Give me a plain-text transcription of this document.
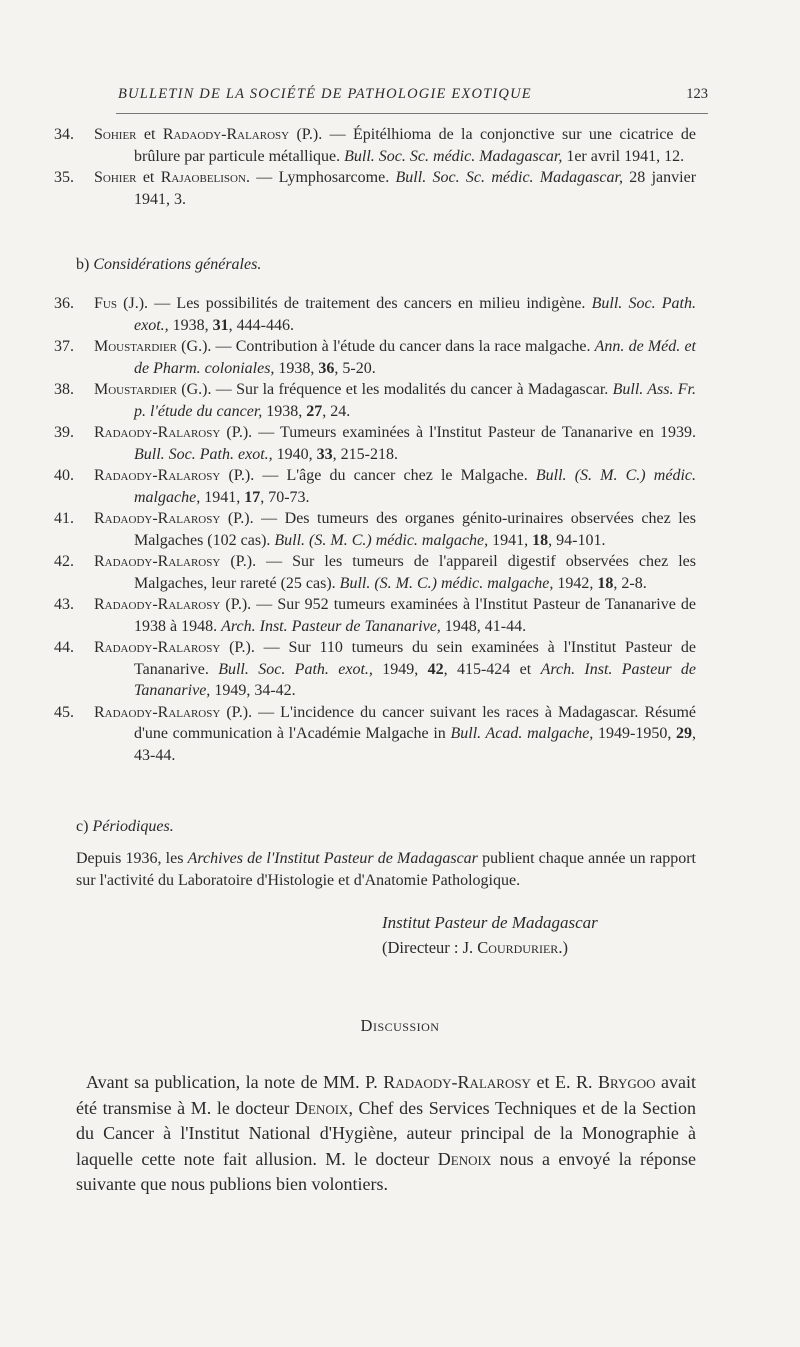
BULLETIN DE LA SOCIÉTÉ DE PATHOLOGIE EXOTIQUE	123
34.	Sohier et Radaody-Ralarosy (P.). — Épitélhioma de la conjonctive sur une cicatrice de brûlure par particule métallique. Bull. Soc. Sc. médic. Madagascar, 1er avril 1941, 12.
35.	Sohier et Rajaobelison. — Lymphosarcome. Bull. Soc. Sc. médic. Madagascar, 28 janvier 1941, 3.
b) Considérations générales.
36.	Fus (J.). — Les possibilités de traitement des cancers en milieu indigène. Bull. Soc. Path. exot., 1938, 31, 444-446.
37.	Moustardier (G.). — Contribution à l'étude du cancer dans la race malgache. Ann. de Méd. et de Pharm. coloniales, 1938, 36, 5-20.
38.	Moustardier (G.). — Sur la fréquence et les modalités du cancer à Madagascar. Bull. Ass. Fr. p. l'étude du cancer, 1938, 27, 24.
39.	Radaody-Ralarosy (P.). — Tumeurs examinées à l'Institut Pasteur de Tananarive en 1939. Bull. Soc. Path. exot., 1940, 33, 215-218.
40.	Radaody-Ralarosy (P.). — L'âge du cancer chez le Malgache. Bull. (S. M. C.) médic. malgache, 1941, 17, 70-73.
41.	Radaody-Ralarosy (P.). — Des tumeurs des organes génito-urinaires observées chez les Malgaches (102 cas). Bull. (S. M. C.) médic. malgache, 1941, 18, 94-101.
42.	Radaody-Ralarosy (P.). — Sur les tumeurs de l'appareil digestif observées chez les Malgaches, leur rareté (25 cas). Bull. (S. M. C.) médic. malgache, 1942, 18, 2-8.
43.	Radaody-Ralarosy (P.). — Sur 952 tumeurs examinées à l'Institut Pasteur de Tananarive de 1938 à 1948. Arch. Inst. Pasteur de Tananarive, 1948, 41-44.
44.	Radaody-Ralarosy (P.). — Sur 110 tumeurs du sein examinées à l'Institut Pasteur de Tananarive. Bull. Soc. Path. exot., 1949, 42, 415-424 et Arch. Inst. Pasteur de Tananarive, 1949, 34-42.
45.	Radaody-Ralarosy (P.). — L'incidence du cancer suivant les races à Madagascar. Résumé d'une communication à l'Académie Malgache in Bull. Acad. malgache, 1949-1950, 29, 43-44.
c) Périodiques.
Depuis 1936, les Archives de l'Institut Pasteur de Madagascar publient chaque année un rapport sur l'activité du Laboratoire d'Histologie et d'Anatomie Pathologique.
Institut Pasteur de Madagascar
(Directeur : J. Courdurier.)
Discussion
Avant sa publication, la note de MM. P. Radaody-Ralarosy et E. R. Brygoo avait été transmise à M. le docteur Denoix, Chef des Services Techniques et de la Section du Cancer à l'Institut National d'Hygiène, auteur principal de la Monographie à laquelle cette note fait allusion. M. le docteur Denoix nous a envoyé la réponse suivante que nous publions bien volontiers.
